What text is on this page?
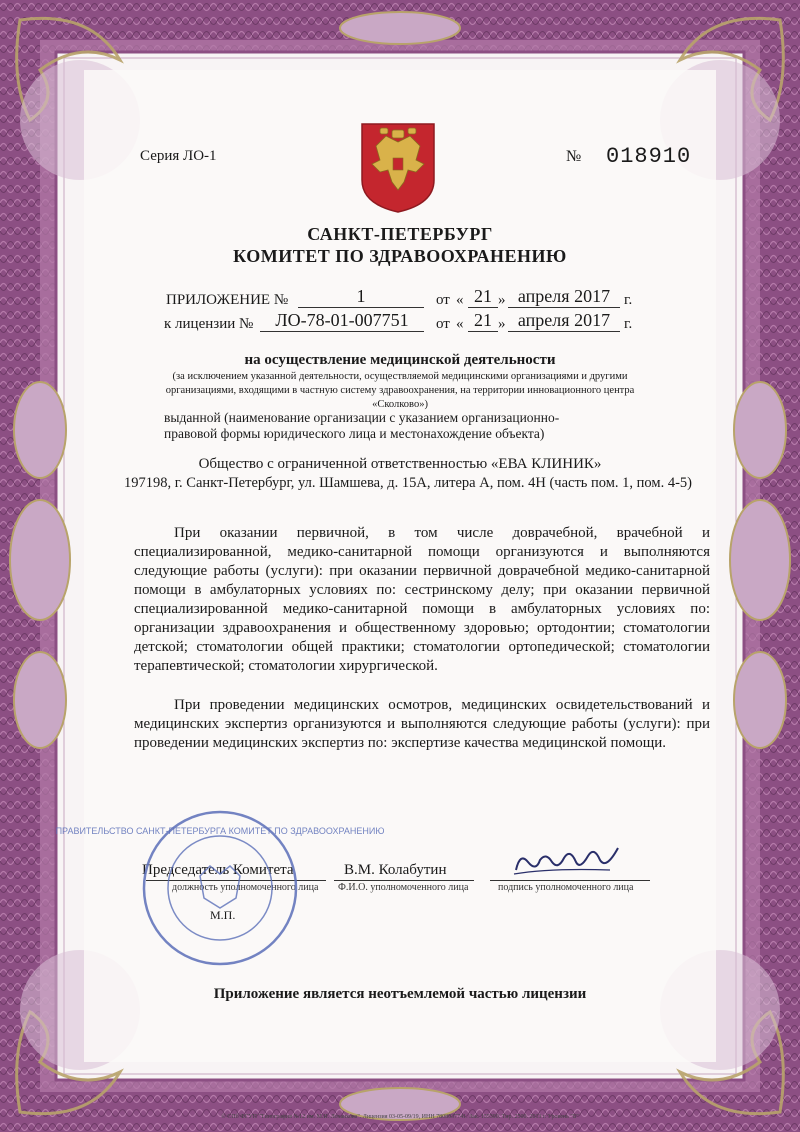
Серия ЛО-1	№ 018910
САНКТ-ПЕТЕРБУРГ
КОМИТЕТ ПО ЗДРАВООХРАНЕНИЮ
ПРИЛОЖЕНИЕ №	1	от « 21 » апреля 2017 г.
к лицензии №	ЛО-78-01-007751	от « 21 » апреля 2017 г.
на осуществление медицинской деятельности
(за исключением указанной деятельности, осуществляемой медицинскими организациями и другими
организациями, входящими в частную систему здравоохранения, на территории инновационного центра
«Сколково»)
выданной (наименование организации с указанием организационно-
правовой формы юридического лица и местонахождение объекта)
Общество с ограниченной ответственностью «ЕВА КЛИНИК»
197198, г. Санкт-Петербург, ул. Шамшева, д. 15А, литера А, пом. 4Н (часть пом. 1, пом. 4-5)
При оказании первичной, в том числе доврачебной, врачебной и специализированной, медико-санитарной помощи организуются и выполняются следующие работы (услуги): при оказании первичной доврачебной медико-санитарной помощи в амбулаторных условиях по: сестринскому делу; при оказании первичной специализированной медико-санитарной помощи в амбулаторных условиях по: организации здравоохранения и общественному здоровью; ортодонтии; стоматологии детской; стоматологии общей практики; стоматологии ортопедической; стоматологии терапевтической; стоматологии хирургической.
При проведении медицинских осмотров, медицинских освидетельствований и медицинских экспертиз организуются и выполняются следующие работы (услуги): при проведении медицинских экспертиз по: экспертизе качества медицинской помощи.
Председатель Комитета	В.М. Колабутин
должность уполномоченного лица Ф.И.О. уполномоченного лица	подпись уполномоченного лица
ПРАВИТЕЛЬСТВО САНКТ-ПЕТЕРБУРГА КОМИТЕТ ПО ЗДРАВООХРАНЕНИЮ
М.П.
Приложение является неотъемлемой частью лицензии
© СПб ФГУП "Типография №12 им. М.И. Лоханкова". Лицензия 03-05-09/19, ИНН 7808037741. Зак. 155390. Тир. 2500. 2013 г. Уровень "Б"
